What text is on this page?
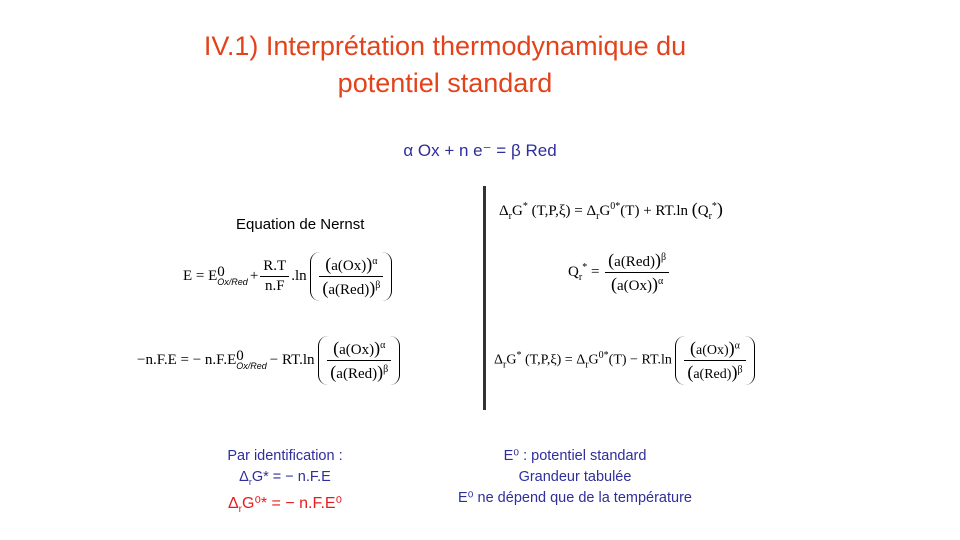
IV.1) Interprétation thermodynamique du
potentiel standard
α Ox + n e⁻ = β Red
Equation de Nernst
E = E 0
$Ox/Red + \frac{R.T}{n.F} .\ln \frac{(a(Ox))^\alpha}{(a(Red))^\beta}$
−n.F.E = − n.F.E 0
$Ox/Red - RT.\ln \frac{(a(Ox))^\alpha}{(a(Red))^\beta}$
$\Delta_rG^*$ $(T,P,\xi) = \Delta_rG^{0*}(T) + RT.\ln$ $(Q_r^*)$
$Q_r^* = \frac{(a(Red))^\beta}{(a(Ox))^\alpha}$
$\Delta_rG^*$ $(T,P,\xi) = \Delta_rG^{0*}(T) - RT.\ln \frac{(a(Ox))^\alpha}{(a(Red))^\beta}$
Par identification :
$\Delta_rG*$ = − n.F.E
$\Delta_rG^0*$ = − n.F.E⁰
E⁰ : potentiel standard
Grandeur tabulée
E⁰ ne dépend que de la température
